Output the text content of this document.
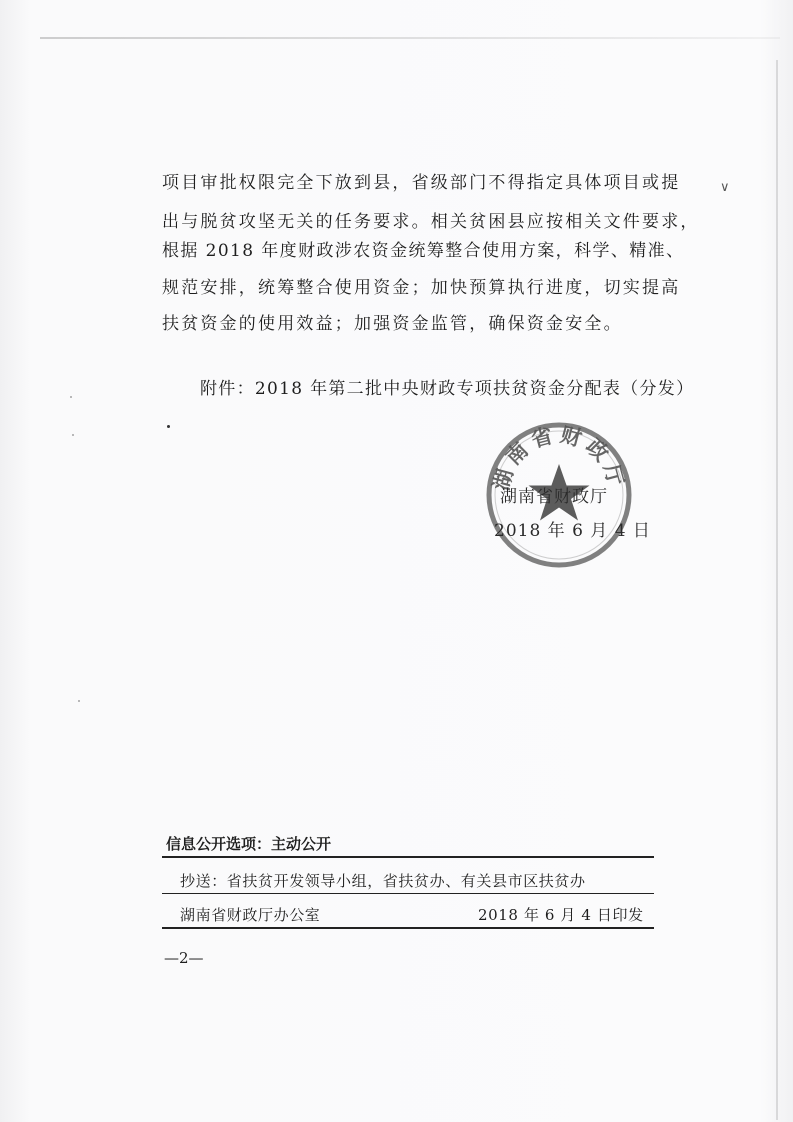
项目审批权限完全下放到县，省级部门不得指定具体项目或提
出与脱贫攻坚无关的任务要求。相关贫困县应按相关文件要求，
根据 2018 年度财政涉农资金统筹整合使用方案，科学、精准、
规范安排，统筹整合使用资金；加快预算执行进度，切实提高
扶贫资金的使用效益；加强资金监管，确保资金安全。
附件：2018 年第二批中央财政专项扶贫资金分配表（分发）
∨
湖南省财政厅
湖南省财政厅
2018 年 6 月 4 日
信息公开选项：主动公开
抄送：省扶贫开发领导小组，省扶贫办、有关县市区扶贫办
湖南省财政厅办公室	2018 年 6 月 4 日印发
—2—
